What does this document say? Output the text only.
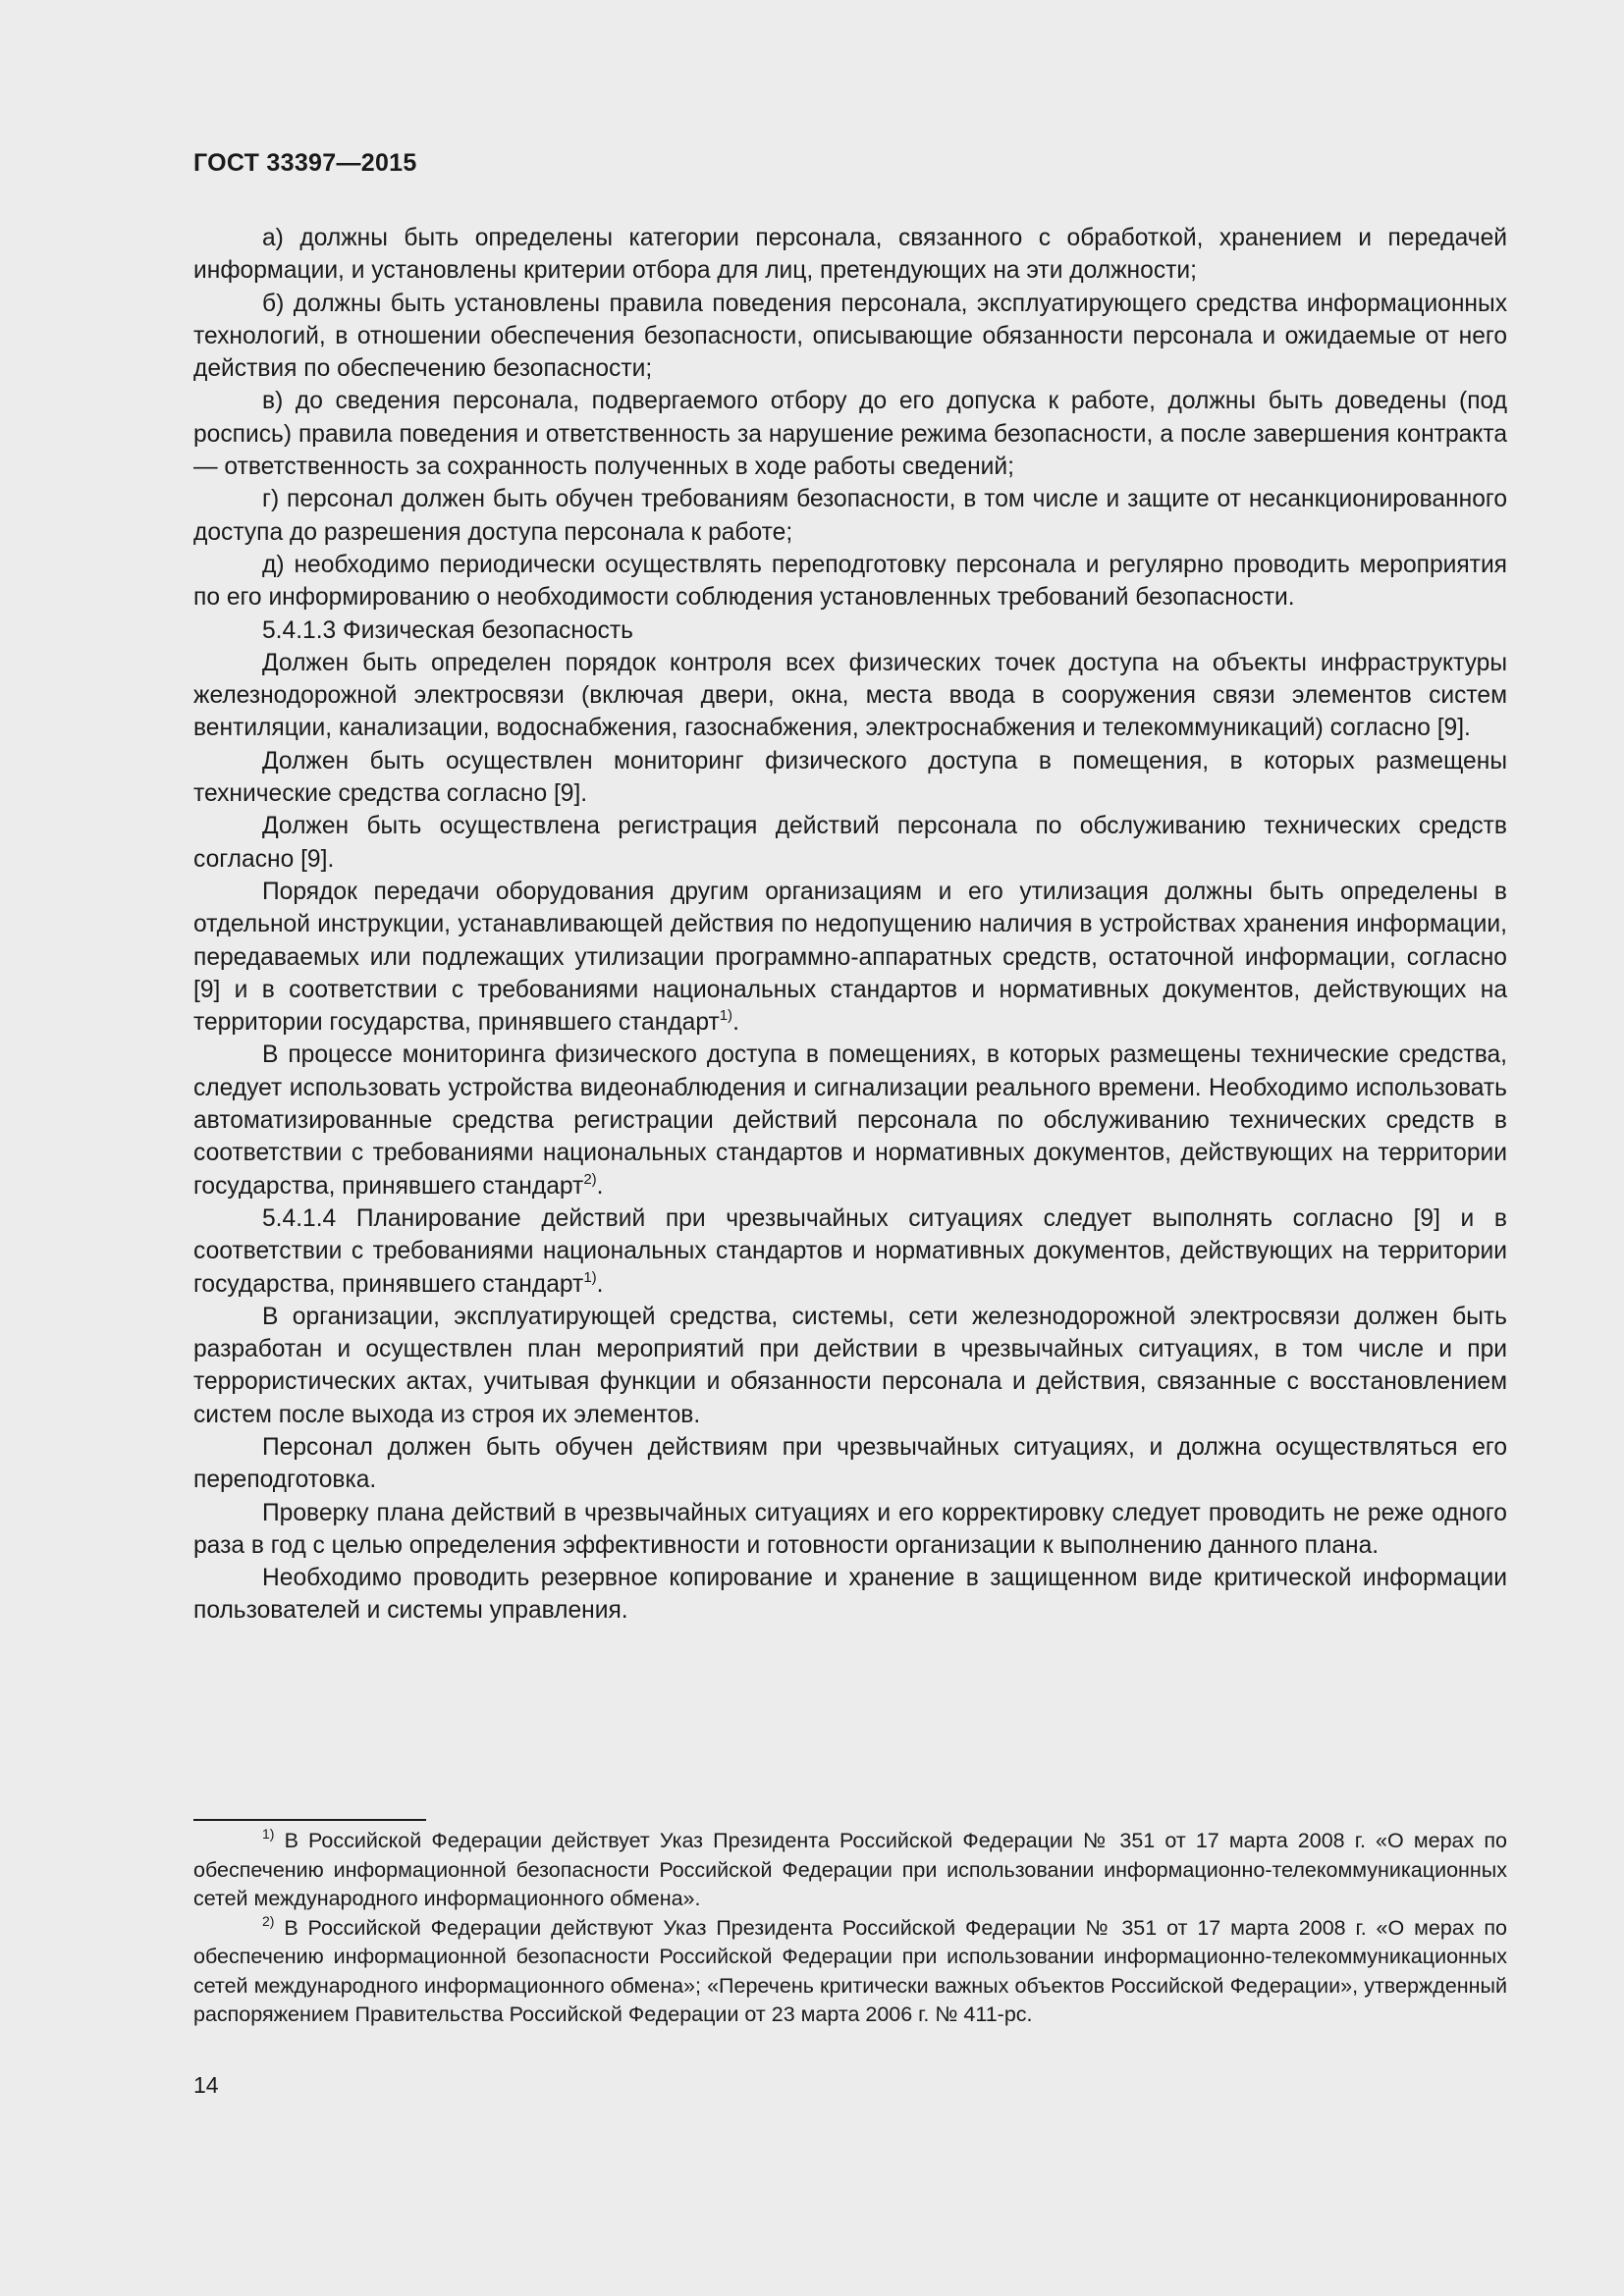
ГОСТ 33397—2015

а) должны быть определены категории персонала, связанного с обработкой, хранением и передачей информации, и установлены критерии отбора для лиц, претендующих на эти должности;

б) должны быть установлены правила поведения персонала, эксплуатирующего средства информационных технологий, в отношении обеспечения безопасности, описывающие обязанности персонала и ожидаемые от него действия по обеспечению безопасности;

в) до сведения персонала, подвергаемого отбору до его допуска к работе, должны быть доведены (под роспись) правила поведения и ответственность за нарушение режима безопасности, а после завершения контракта — ответственность за сохранность полученных в ходе работы сведений;

г) персонал должен быть обучен требованиям безопасности, в том числе и защите от несанкционированного доступа до разрешения доступа персонала к работе;

д) необходимо периодически осуществлять переподготовку персонала и регулярно проводить мероприятия по его информированию о необходимости соблюдения установленных требований безопасности.

5.4.1.3 Физическая безопасность

Должен быть определен порядок контроля всех физических точек доступа на объекты инфраструктуры железнодорожной электросвязи (включая двери, окна, места ввода в сооружения связи элементов систем вентиляции, канализации, водоснабжения, газоснабжения, электроснабжения и телекоммуникаций) согласно [9].

Должен быть осуществлен мониторинг физического доступа в помещения, в которых размещены технические средства согласно [9].

Должен быть осуществлена регистрация действий персонала по обслуживанию технических средств согласно [9].

Порядок передачи оборудования другим организациям и его утилизация должны быть определены в отдельной инструкции, устанавливающей действия по недопущению наличия в устройствах хранения информации, передаваемых или подлежащих утилизации программно-аппаратных средств, остаточной информации, согласно [9] и в соответствии с требованиями национальных стандартов и нормативных документов, действующих на территории государства, принявшего стандарт$^{1)}$.

В процессе мониторинга физического доступа в помещениях, в которых размещены технические средства, следует использовать устройства видеонаблюдения и сигнализации реального времени. Необходимо использовать автоматизированные средства регистрации действий персонала по обслуживанию технических средств в соответствии с требованиями национальных стандартов и нормативных документов, действующих на территории государства, принявшего стандарт$^{2)}$.

5.4.1.4 Планирование действий при чрезвычайных ситуациях следует выполнять согласно [9] и в соответствии с требованиями национальных стандартов и нормативных документов, действующих на территории государства, принявшего стандарт$^{1)}$.

В организации, эксплуатирующей средства, системы, сети железнодорожной электросвязи должен быть разработан и осуществлен план мероприятий при действии в чрезвычайных ситуациях, в том числе и при террористических актах, учитывая функции и обязанности персонала и действия, связанные с восстановлением систем после выхода из строя их элементов.

Персонал должен быть обучен действиям при чрезвычайных ситуациях, и должна осуществляться его переподготовка.

Проверку плана действий в чрезвычайных ситуациях и его корректировку следует проводить не реже одного раза в год с целью определения эффективности и готовности организации к выполнению данного плана.

Необходимо проводить резервное копирование и хранение в защищенном виде критической информации пользователей и системы управления.

$^{1)}$ В Российской Федерации действует Указ Президента Российской Федерации № 351 от 17 марта 2008 г. «О мерах по обеспечению информационной безопасности Российской Федерации при использовании информационно-телекоммуникационных сетей международного информационного обмена».

$^{2)}$ В Российской Федерации действуют Указ Президента Российской Федерации № 351 от 17 марта 2008 г. «О мерах по обеспечению информационной безопасности Российской Федерации при использовании информационно-телекоммуникационных сетей международного информационного обмена»; «Перечень критически важных объектов Российской Федерации», утвержденный распоряжением Правительства Российской Федерации от 23 марта 2006 г. № 411-рс.

14
